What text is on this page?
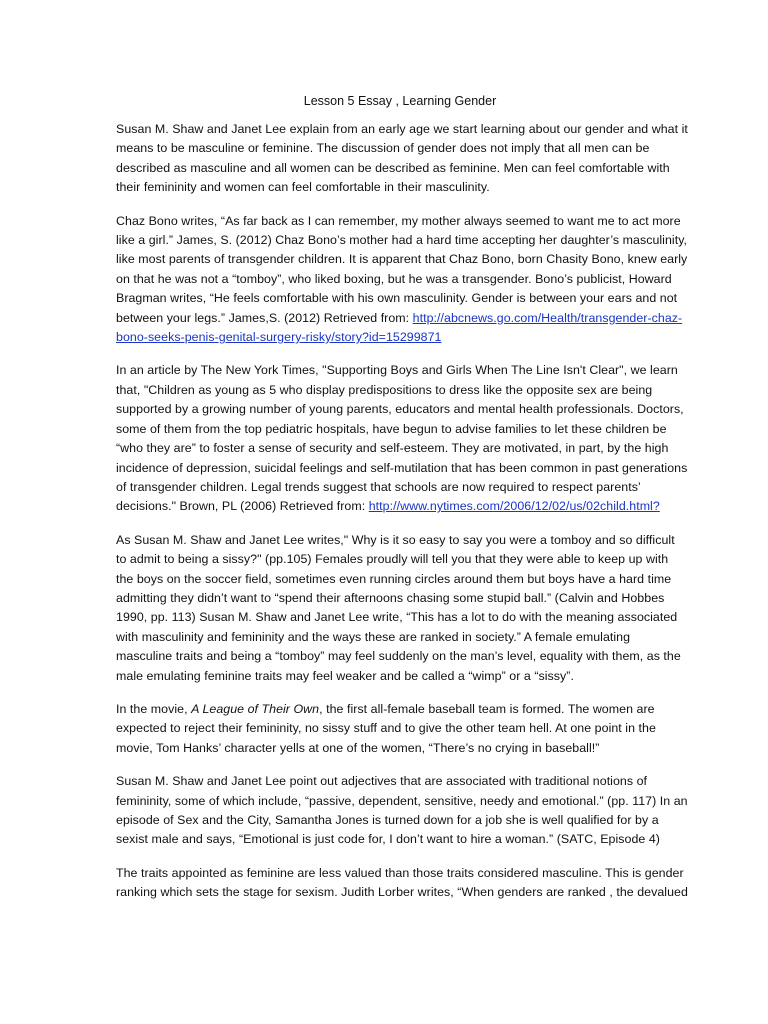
Lesson 5 Essay , Learning Gender

Susan M. Shaw and Janet Lee explain from an early age we start learning about our gender and what it means to be masculine or feminine. The discussion of gender does not imply that all men can be described as masculine and all women can be described as feminine. Men can feel comfortable with their femininity and women can feel comfortable in their masculinity.

Chaz Bono writes, “As far back as I can remember, my mother always seemed to want me to act more like a girl.” James, S. (2012) Chaz Bono’s mother had a hard time accepting her daughter’s masculinity, like most parents of transgender children. It is apparent that Chaz Bono, born Chasity Bono, knew early on that he was not a “tomboy”, who liked boxing, but he was a transgender. Bono’s publicist, Howard Bragman writes, “He feels comfortable with his own masculinity. Gender is between your ears and not between your legs.” James,S. (2012) Retrieved from: http://abcnews.go.com/Health/transgender-chaz-bono-seeks-penis-genital-surgery-risky/story?id=15299871

In an article by The New York Times, "Supporting Boys and Girls When The Line Isn't Clear", we learn that, "Children as young as 5 who display predispositions to dress like the opposite sex are being supported by a growing number of young parents, educators and mental health professionals. Doctors, some of them from the top pediatric hospitals, have begun to advise families to let these children be “who they are” to foster a sense of security and self-esteem. They are motivated, in part, by the high incidence of depression, suicidal feelings and self-mutilation that has been common in past generations of transgender children. Legal trends suggest that schools are now required to respect parents’ decisions." Brown, PL (2006) Retrieved from: http://www.nytimes.com/2006/12/02/us/02child.html?

As Susan M. Shaw and Janet Lee writes," Why is it so easy to say you were a tomboy and so difficult to admit to being a sissy?" (pp.105) Females proudly will tell you that they were able to keep up with the boys on the soccer field, sometimes even running circles around them but boys have a hard time admitting they didn’t want to “spend their afternoons chasing some stupid ball.” (Calvin and Hobbes 1990, pp. 113) Susan M. Shaw and Janet Lee write, “This has a lot to do with the meaning associated with masculinity and femininity and the ways these are ranked in society.” A female emulating masculine traits and being a “tomboy” may feel suddenly on the man’s level, equality with them, as the male emulating feminine traits may feel weaker and be called a “wimp” or a “sissy”.

In the movie, A League of Their Own, the first all-female baseball team is formed. The women are expected to reject their femininity, no sissy stuff and to give the other team hell. At one point in the movie, Tom Hanks’ character yells at one of the women, “There’s no crying in baseball!”

Susan M. Shaw and Janet Lee point out adjectives that are associated with traditional notions of femininity, some of which include, “passive, dependent, sensitive, needy and emotional.” (pp. 117) In an episode of Sex and the City, Samantha Jones is turned down for a job she is well qualified for by a sexist male and says, “Emotional is just code for, I don’t want to hire a woman.” (SATC, Episode 4)

The traits appointed as feminine are less valued than those traits considered masculine. This is gender ranking which sets the stage for sexism. Judith Lorber writes, “When genders are ranked , the devalued
